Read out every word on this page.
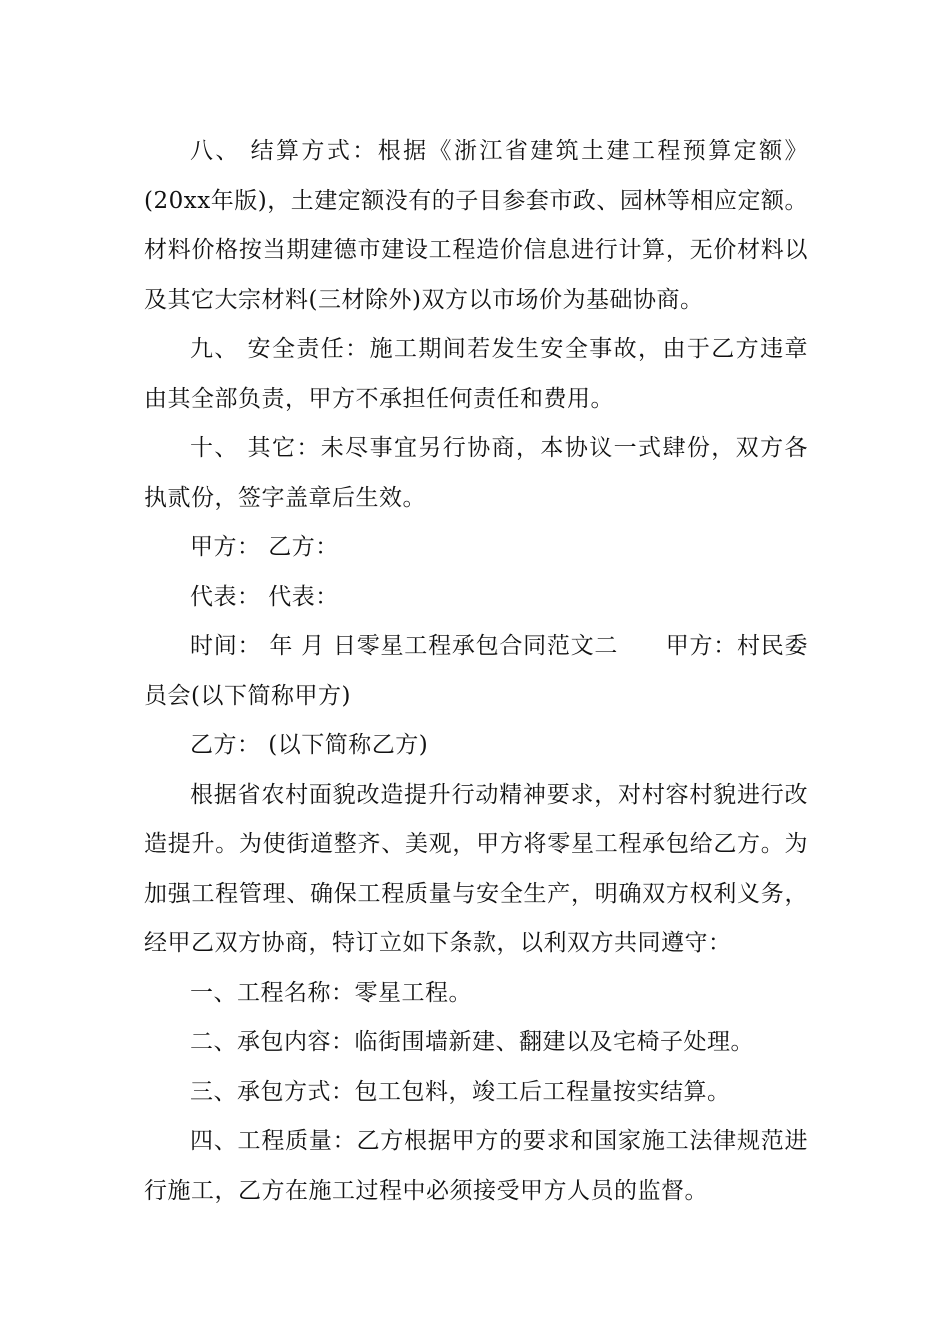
八、 结算方式：根据《浙江省建筑土建工程预算定额》(20xx年版)，土建定额没有的子目参套市政、园林等相应定额。材料价格按当期建德市建设工程造价信息进行计算，无价材料以及其它大宗材料(三材除外)双方以市场价为基础协商。

九、 安全责任：施工期间若发生安全事故，由于乙方违章由其全部负责，甲方不承担任何责任和费用。

十、 其它：未尽事宜另行协商，本协议一式肆份，双方各执贰份，签字盖章后生效。

甲方： 乙方：

代表： 代表：

时间： 年 月 日零星工程承包合同范文二　　甲方：村民委员会(以下简称甲方)

乙方： (以下简称乙方)

根据省农村面貌改造提升行动精神要求，对村容村貌进行改造提升。为使街道整齐、美观，甲方将零星工程承包给乙方。为加强工程管理、确保工程质量与安全生产，明确双方权利义务，经甲乙双方协商，特订立如下条款，以利双方共同遵守：

一、工程名称：零星工程。

二、承包内容：临街围墙新建、翻建以及宅椅子处理。

三、承包方式：包工包料，竣工后工程量按实结算。

四、工程质量：乙方根据甲方的要求和国家施工法律规范进行施工，乙方在施工过程中必须接受甲方人员的监督。
